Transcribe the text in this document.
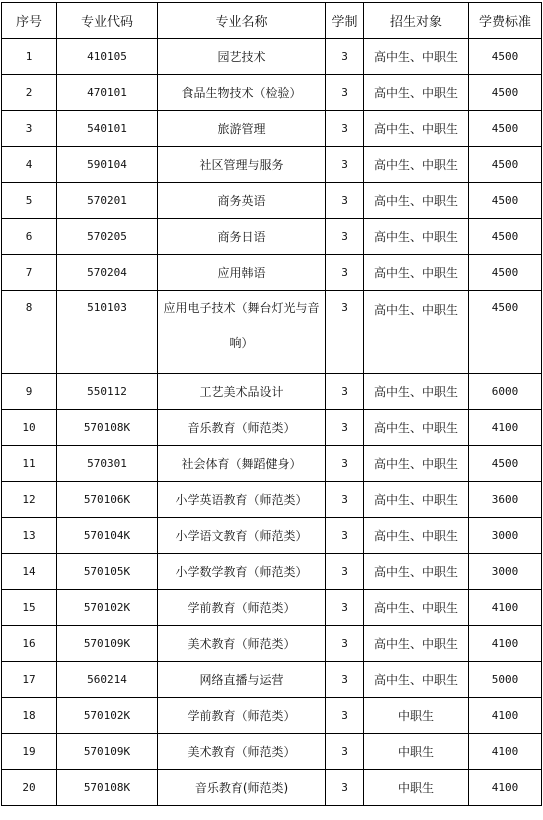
序号	专业代码	专业名称	学制	招生对象	学费标准
1	410105	园艺技术	3	高中生、中职生	4500
2	470101	食品生物技术（检验）	3	高中生、中职生	4500
3	540101	旅游管理	3	高中生、中职生	4500
4	590104	社区管理与服务	3	高中生、中职生	4500
5	570201	商务英语	3	高中生、中职生	4500
6	570205	商务日语	3	高中生、中职生	4500
7	570204	应用韩语	3	高中生、中职生	4500
8	510103	应用电子技术（舞台灯光与音响）	3	高中生、中职生	4500
9	550112	工艺美术品设计	3	高中生、中职生	6000
10	570108K	音乐教育（师范类）	3	高中生、中职生	4100
11	570301	社会体育（舞蹈健身）	3	高中生、中职生	4500
12	570106K	小学英语教育（师范类）	3	高中生、中职生	3600
13	570104K	小学语文教育（师范类）	3	高中生、中职生	3000
14	570105K	小学数学教育（师范类）	3	高中生、中职生	3000
15	570102K	学前教育（师范类）	3	高中生、中职生	4100
16	570109K	美术教育（师范类）	3	高中生、中职生	4100
17	560214	网络直播与运营	3	高中生、中职生	5000
18	570102K	学前教育（师范类）	3	中职生	4100
19	570109K	美术教育（师范类）	3	中职生	4100
20	570108K	音乐教育(师范类)	3	中职生	4100
